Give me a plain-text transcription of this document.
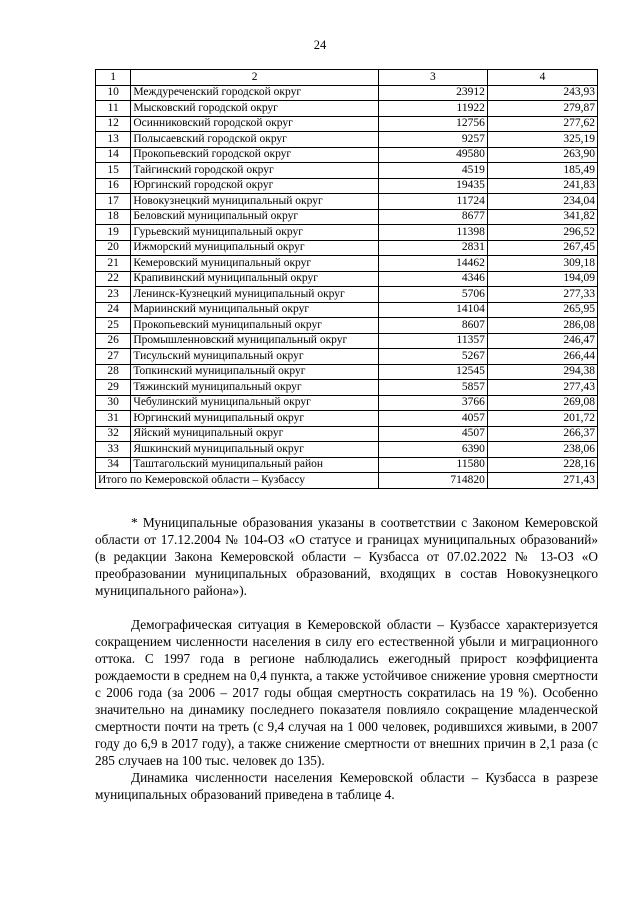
24
1	2	3	4
10	Междуреченский городской округ	23912	243,93
11	Мысковский городской округ	11922	279,87
12	Осинниковский городской округ	12756	277,62
13	Полысаевский городской округ	9257	325,19
14	Прокопьевский городской округ	49580	263,90
15	Тайгинский городской округ	4519	185,49
16	Юргинский городской округ	19435	241,83
17	Новокузнецкий муниципальный округ	11724	234,04
18	Беловский муниципальный округ	8677	341,82
19	Гурьевский муниципальный округ	11398	296,52
20	Ижморский муниципальный округ	2831	267,45
21	Кемеровский муниципальный округ	14462	309,18
22	Крапивинский муниципальный округ	4346	194,09
23	Ленинск-Кузнецкий муниципальный округ	5706	277,33
24	Мариинский муниципальный округ	14104	265,95
25	Прокопьевский муниципальный округ	8607	286,08
26	Промышленновский муниципальный округ	11357	246,47
27	Тисульский муниципальный округ	5267	266,44
28	Топкинский муниципальный округ	12545	294,38
29	Тяжинский муниципальный округ	5857	277,43
30	Чебулинский муниципальный округ	3766	269,08
31	Юргинский муниципальный округ	4057	201,72
32	Яйский муниципальный округ	4507	266,37
33	Яшкинский муниципальный округ	6390	238,06
34	Таштагольский муниципальный район	11580	228,16
Итого по Кемеровской области – Кузбассу		714820	271,43

* Муниципальные образования указаны в соответствии с Законом Кемеровской области от 17.12.2004 № 104-ОЗ «О статусе и границах муниципальных образований» (в редакции Закона Кемеровской области – Кузбасса от 07.02.2022 № 13-ОЗ «О преобразовании муниципальных образований, входящих в состав Новокузнецкого муниципального района»).

Демографическая ситуация в Кемеровской области – Кузбассе характеризуется сокращением численности населения в силу его естественной убыли и миграционного оттока. С 1997 года в регионе наблюдались ежегодный прирост коэффициента рождаемости в среднем на 0,4 пункта, а также устойчивое снижение уровня смертности с 2006 года (за 2006 – 2017 годы общая смертность сократилась на 19 %). Особенно значительно на динамику последнего показателя повлияло сокращение младенческой смертности почти на треть (с 9,4 случая на 1 000 человек, родившихся живыми, в 2007 году до 6,9 в 2017 году), а также снижение смертности от внешних причин в 2,1 раза (с 285 случаев на 100 тыс. человек до 135).

Динамика численности населения Кемеровской области – Кузбасса в разрезе муниципальных образований приведена в таблице 4.
